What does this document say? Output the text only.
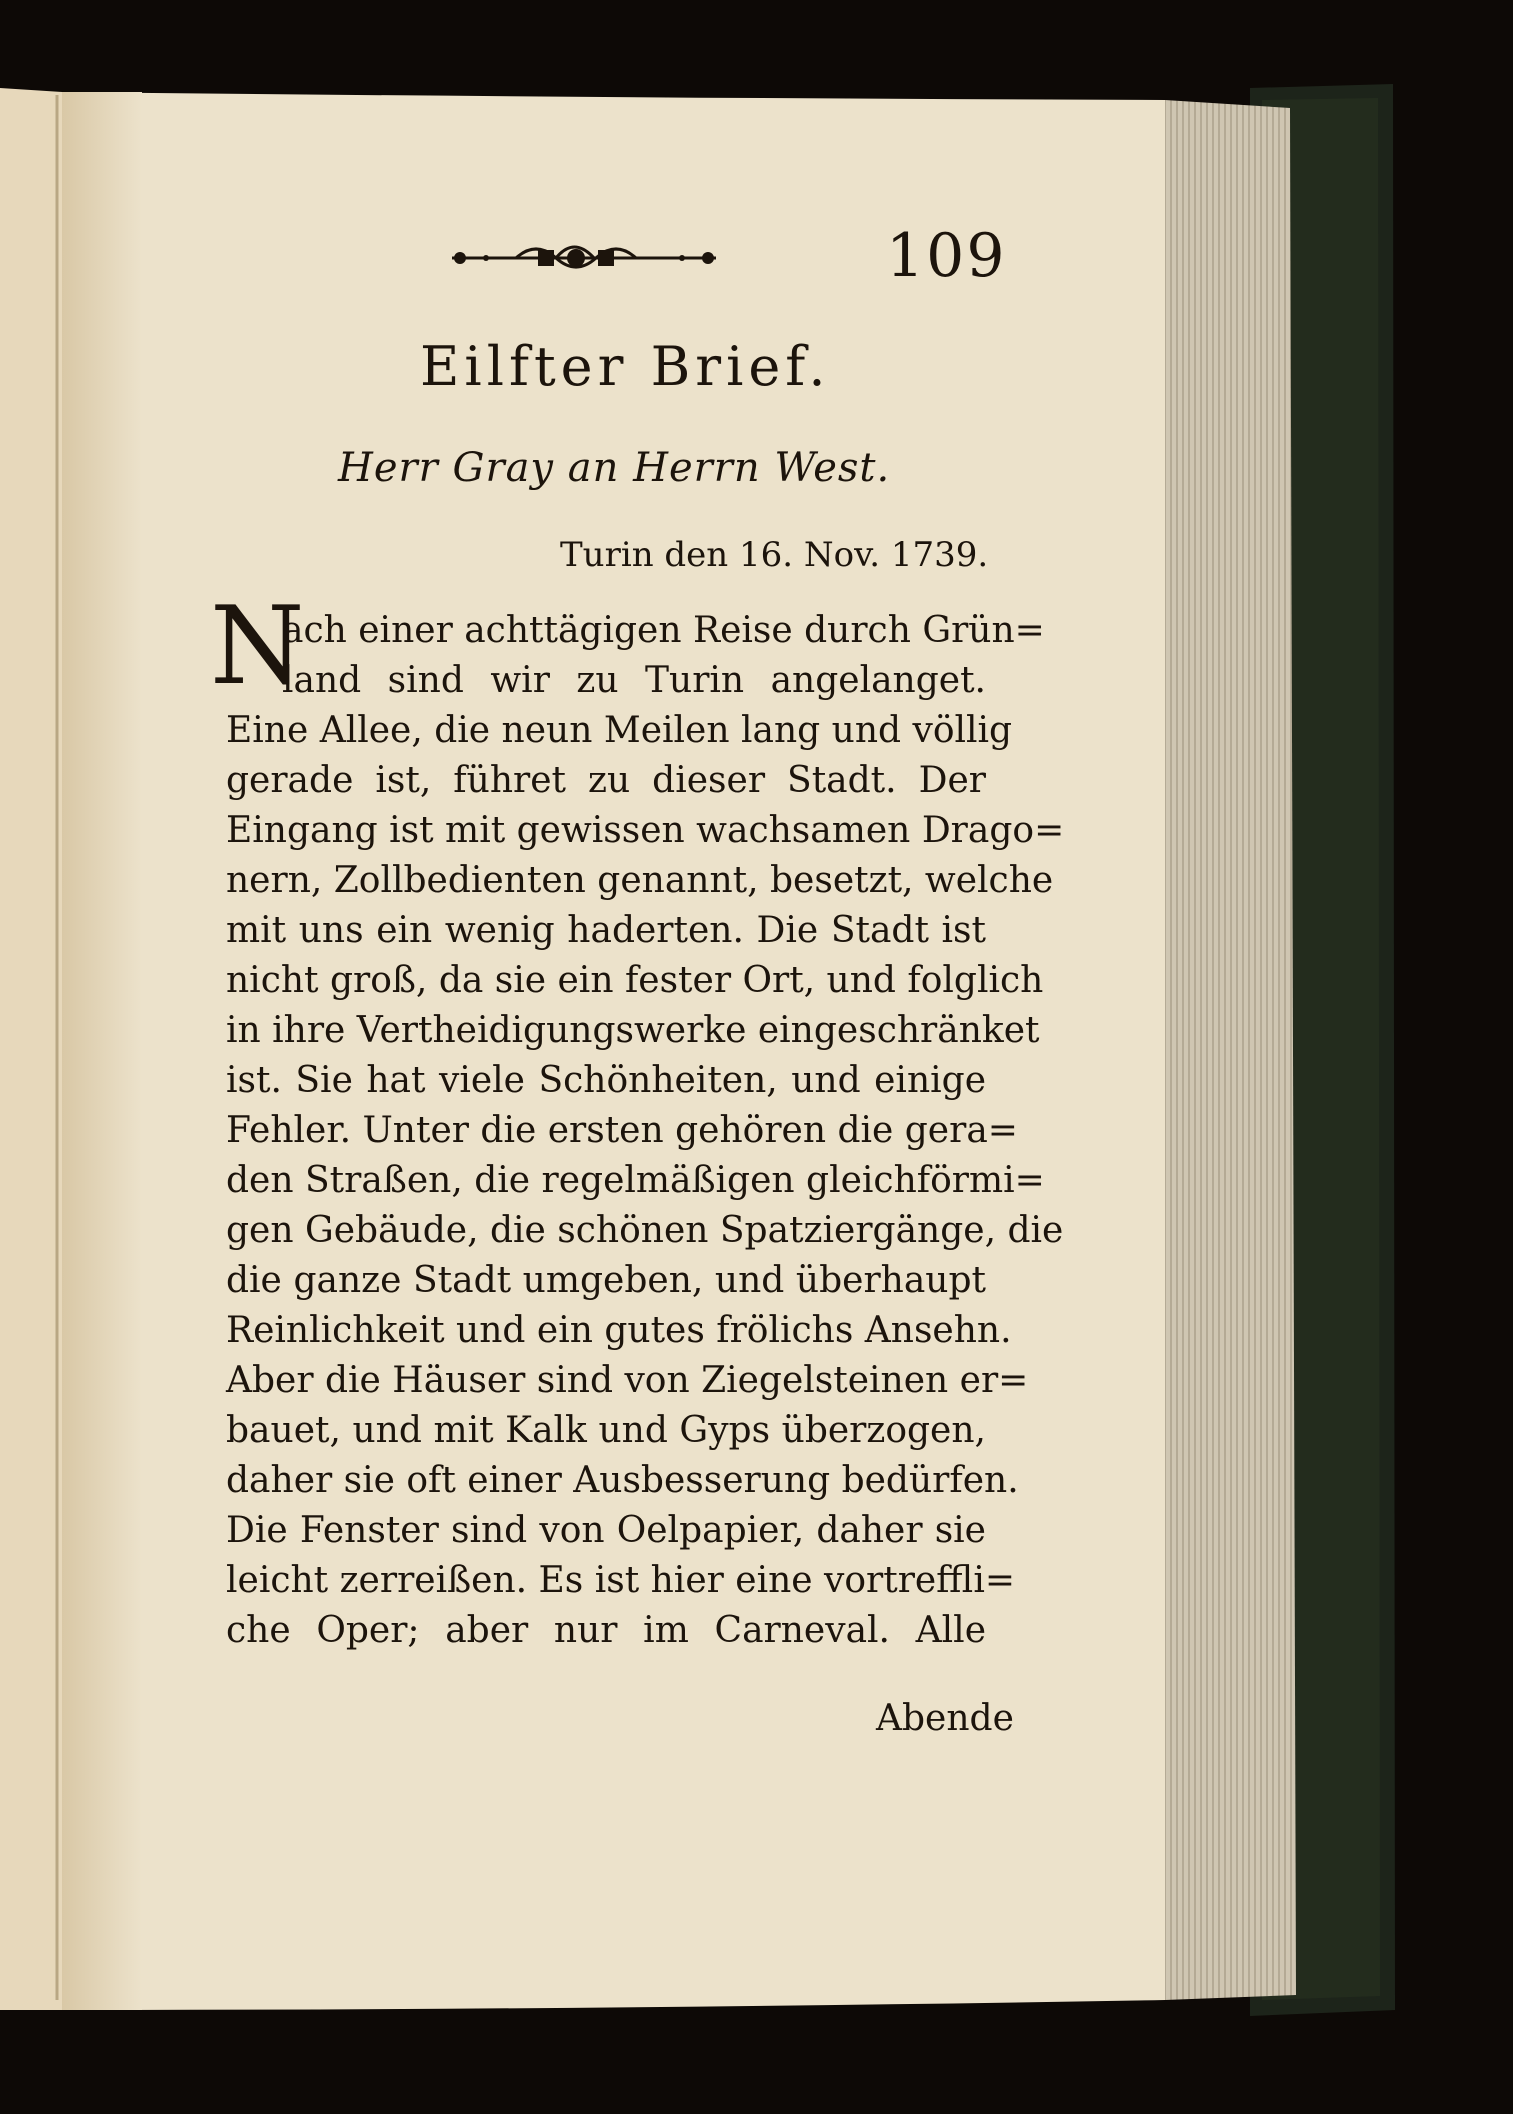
109
Eilfter Brief.
Herr Gray an Herrn West.
Turin den 16. Nov. 1739.
N
ach einer achttägigen Reise durch Grün=
land sind wir zu Turin angelanget.
Eine Allee, die neun Meilen lang und völlig
gerade ist, führet zu dieser Stadt. Der
Eingang ist mit gewissen wachsamen Drago=
nern, Zollbedienten genannt, besetzt, welche
mit uns ein wenig haderten. Die Stadt ist
nicht groß, da sie ein fester Ort, und folglich
in ihre Vertheidigungswerke eingeschränket
ist. Sie hat viele Schönheiten, und einige
Fehler. Unter die ersten gehören die gera=
den Straßen, die regelmäßigen gleichförmi=
gen Gebäude, die schönen Spatziergänge, die
die ganze Stadt umgeben, und überhaupt
Reinlichkeit und ein gutes frölichs Ansehn.
Aber die Häuser sind von Ziegelsteinen er=
bauet, und mit Kalk und Gyps überzogen,
daher sie oft einer Ausbesserung bedürfen.
Die Fenster sind von Oelpapier, daher sie
leicht zerreißen. Es ist hier eine vortreffli=
che Oper; aber nur im Carneval. Alle
Abende
